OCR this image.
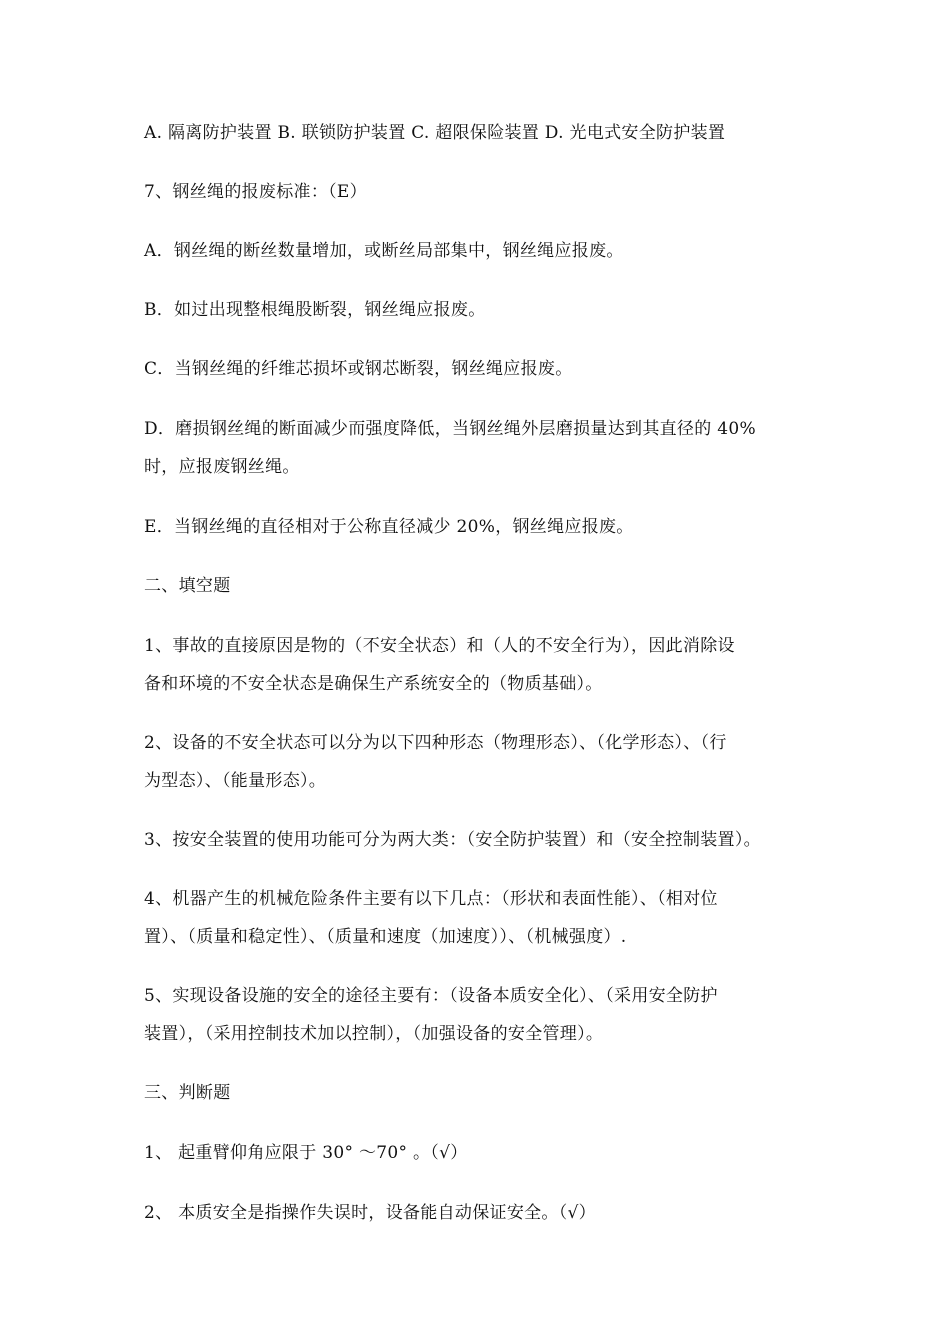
A. 隔离防护装置 B. 联锁防护装置 C. 超限保险装置 D. 光电式安全防护装置
7、钢丝绳的报废标准：（E）
A．钢丝绳的断丝数量增加，或断丝局部集中，钢丝绳应报废。
B．如过出现整根绳股断裂，钢丝绳应报废。
C．当钢丝绳的纤维芯损坏或钢芯断裂，钢丝绳应报废。
D．磨损钢丝绳的断面减少而强度降低，当钢丝绳外层磨损量达到其直径的 40%
时，应报废钢丝绳。
E．当钢丝绳的直径相对于公称直径减少 20%，钢丝绳应报废。
二、填空题
1、事故的直接原因是物的（不安全状态）和（人的不安全行为），因此消除设
备和环境的不安全状态是确保生产系统安全的（物质基础）。
2、设备的不安全状态可以分为以下四种形态（物理形态）、（化学形态）、（行
为型态）、（能量形态）。
3、按安全装置的使用功能可分为两大类：（安全防护装置）和（安全控制装置）。
4、机器产生的机械危险条件主要有以下几点：（形状和表面性能）、（相对位
置）、（质量和稳定性）、（质量和速度（加速度））、（机械强度）.
5、实现设备设施的安全的途径主要有：（设备本质安全化）、（采用安全防护
装置），（采用控制技术加以控制），（加强设备的安全管理）。
三、判断题
1、 起重臂仰角应限于 30° ～70° 。（√）
2、 本质安全是指操作失误时，设备能自动保证安全。（√）
